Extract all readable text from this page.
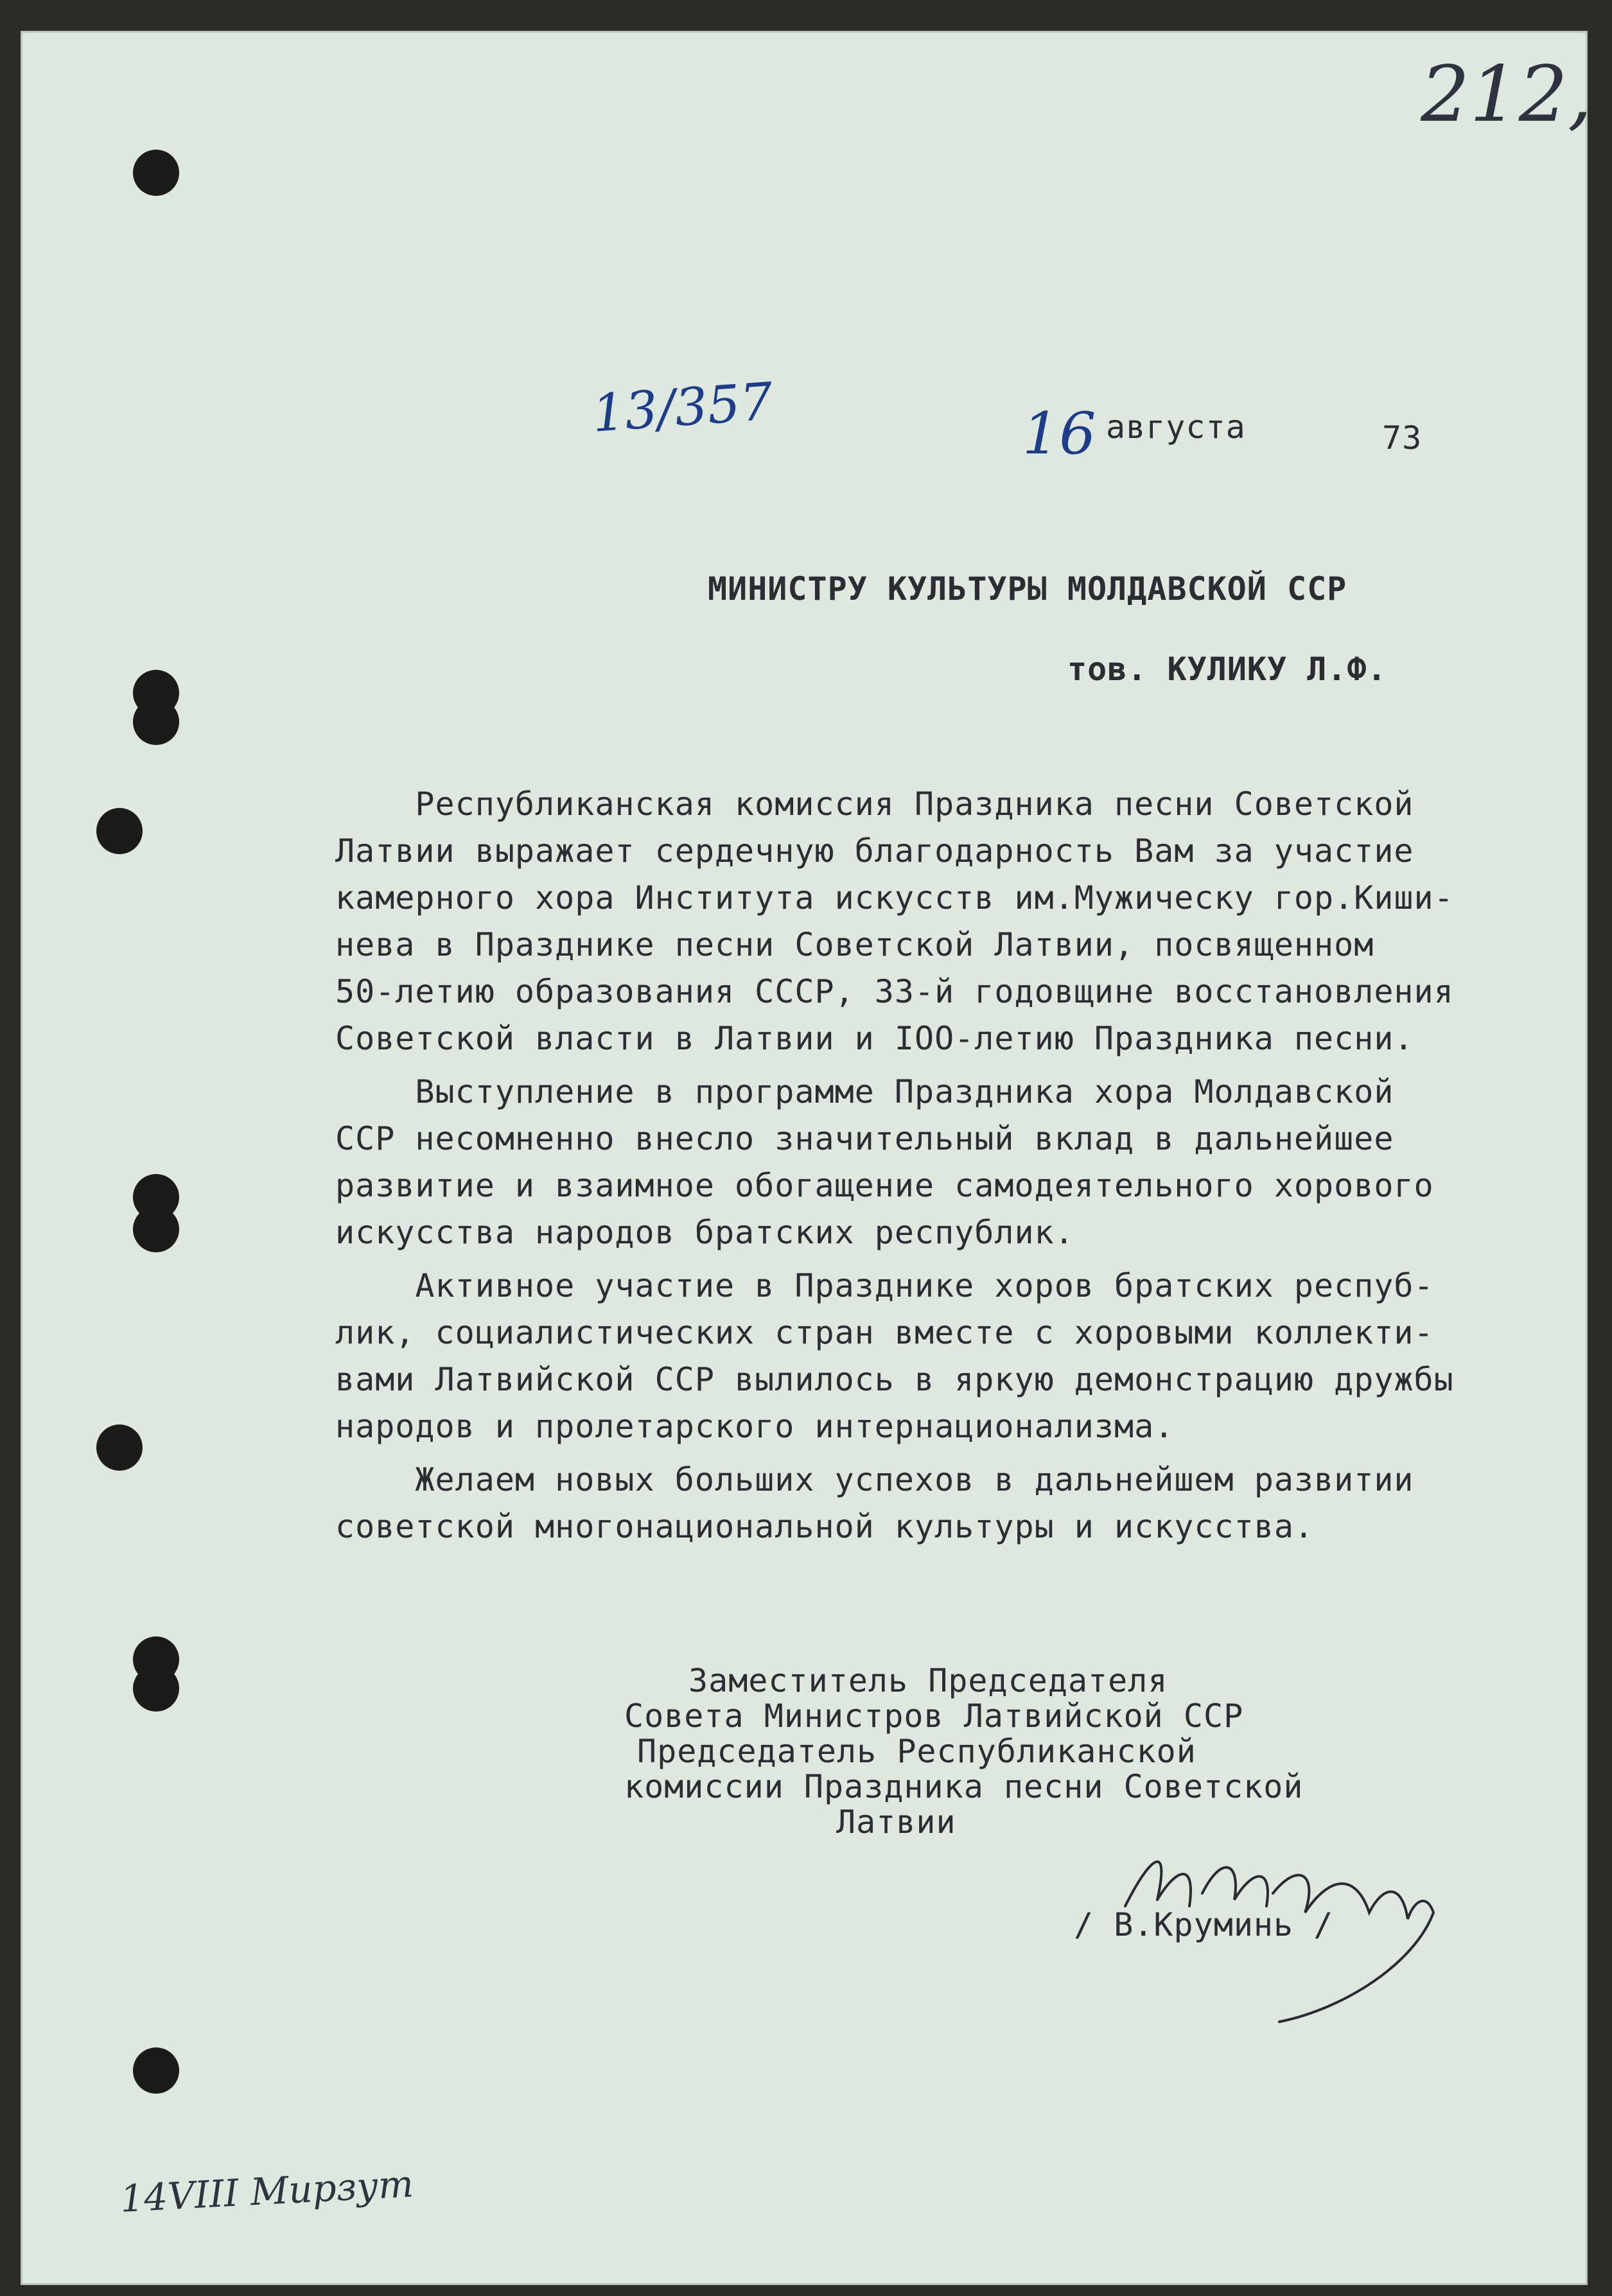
212,
13/357	16 августа	73
МИНИСТРУ КУЛЬТУРЫ МОЛДАВСКОЙ ССР
тов. КУЛИКУ Л.Ф.
Республиканская комиссия Праздника песни Советской
Латвии выражает сердечную благодарность Вам за участие
камерного хора Института искусств им.Мужическу гор.Киши-
нева в Празднике песни Советской Латвии, посвященном
50-летию образования СССР, 33-й годовщине восстановления
Советской власти в Латвии и IOO-летию Праздника песни.
Выступление в программе Праздника хора Молдавской
ССР несомненно внесло значительный вклад в дальнейшее
развитие и взаимное обогащение самодеятельного хорового
искусства народов братских республик.
Активное участие в Празднике хоров братских респуб-
лик, социалистических стран вместе с хоровыми коллекти-
вами Латвийской ССР вылилось в яркую демонстрацию дружбы
народов и пролетарского интернационализма.
Желаем новых больших успехов в дальнейшем развитии
советской многонациональной культуры и искусства.
Заместитель Председателя
Совета Министров Латвийской ССР
Председатель Республиканской
комиссии Праздника песни Советской
Латвии
/ В.Круминь /
14VIII Мирзут
